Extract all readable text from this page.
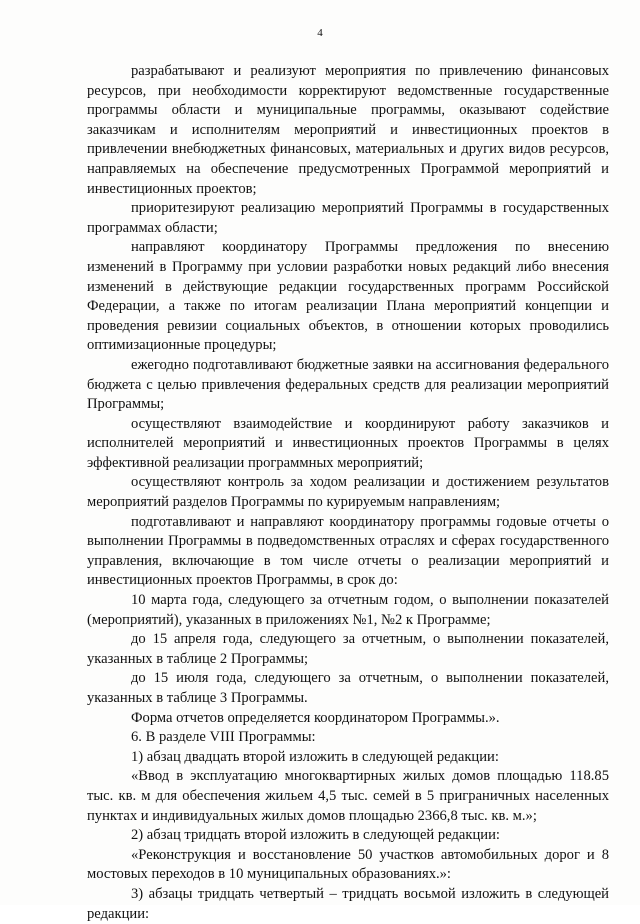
4

разрабатывают и реализуют мероприятия по привлечению финансовых ресурсов, при необходимости корректируют ведомственные государственные программы области и муниципальные программы, оказывают содействие заказчикам и исполнителям мероприятий и инвестиционных проектов в привлечении внебюджетных финансовых, материальных и других видов ресурсов, направляемых на обеспечение предусмотренных Программой мероприятий и инвестиционных проектов;

приоритезируют реализацию мероприятий Программы в государственных программах области;

направляют координатору Программы предложения по внесению изменений в Программу при условии разработки новых редакций либо внесения изменений в действующие редакции государственных программ Российской Федерации, а также по итогам реализации Плана мероприятий концепции и проведения ревизии социальных объектов, в отношении которых проводились оптимизационные процедуры;

ежегодно подготавливают бюджетные заявки на ассигнования федерального бюджета с целью привлечения федеральных средств для реализации мероприятий Программы;

осуществляют взаимодействие и координируют работу заказчиков и исполнителей мероприятий и инвестиционных проектов Программы в целях эффективной реализации программных мероприятий;

осуществляют контроль за ходом реализации и достижением результатов мероприятий разделов Программы по курируемым направлениям;

подготавливают и направляют координатору программы годовые отчеты о выполнении Программы в подведомственных отраслях и сферах государственного управления, включающие в том числе отчеты о реализации мероприятий и инвестиционных проектов Программы, в срок до:

10 марта года, следующего за отчетным годом, о выполнении показателей (мероприятий), указанных в приложениях №1, №2 к Программе;

до 15 апреля года, следующего за отчетным, о выполнении показателей, указанных в таблице 2 Программы;

до 15 июля года, следующего за отчетным, о выполнении показателей, указанных в таблице 3 Программы.

Форма отчетов определяется координатором Программы.».

6. В разделе VIII Программы:

1) абзац двадцать второй изложить в следующей редакции:

«Ввод в эксплуатацию многоквартирных жилых домов площадью 118.85 тыс. кв. м для обеспечения жильем 4,5 тыс. семей в 5 приграничных населенных пунктах и индивидуальных жилых домов площадью 2366,8 тыс. кв. м.»;

2) абзац тридцать второй изложить в следующей редакции:

«Реконструкция и восстановление 50 участков автомобильных дорог и 8 мостовых переходов в 10 муниципальных образованиях.»:

3) абзацы тридцать четвертый – тридцать восьмой изложить в следующей редакции:
